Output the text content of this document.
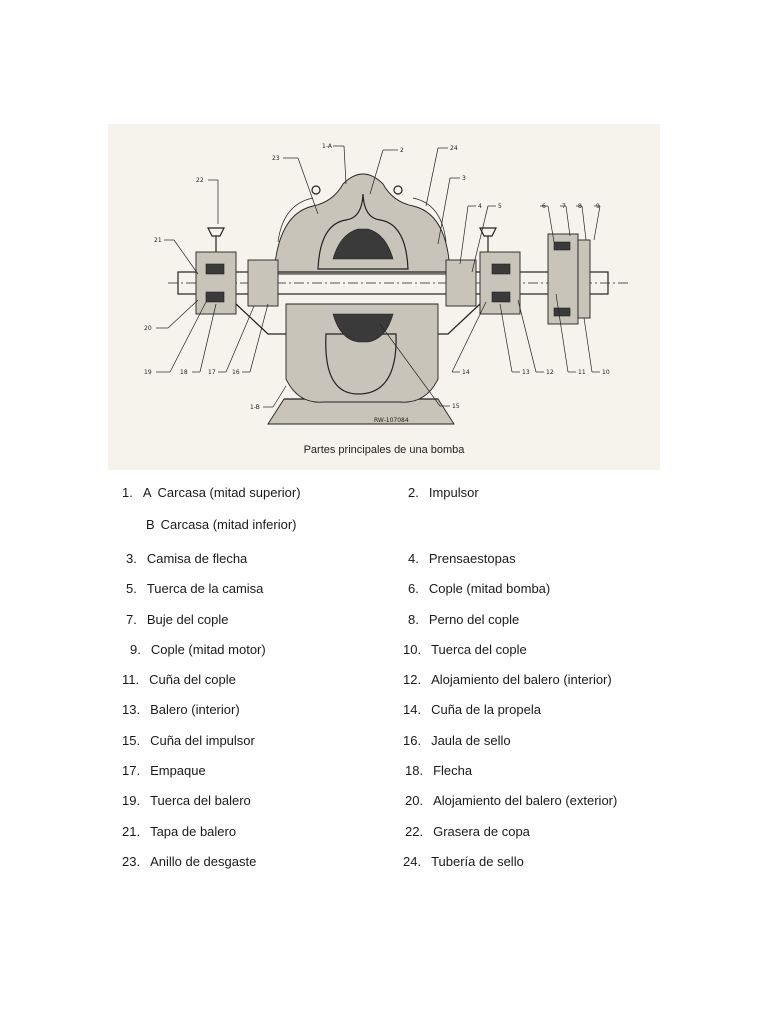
RW-107084
1-A
2	24
23
3
22
4	5	6	7 8 9
21
20
19	18	17	16	14	13	12	11	10
15
1-B
Partes principales de una bomba
1. A Carcasa (mitad superior)	2. Impulsor
B Carcasa (mitad inferior)
3. Camisa de flecha	4. Prensaestopas
5. Tuerca de la camisa	6. Cople (mitad bomba)
7. Buje del cople	8. Perno del cople
9. Cople (mitad motor)	10. Tuerca del cople
11. Cuña del cople	12. Alojamiento del balero (interior)
13. Balero (interior)	14. Cuña de la propela
15. Cuña del impulsor	16. Jaula de sello
17. Empaque	18. Flecha
19. Tuerca del balero	20. Alojamiento del balero (exterior)
21. Tapa de balero	22. Grasera de copa
23. Anillo de desgaste	24. Tubería de sello
